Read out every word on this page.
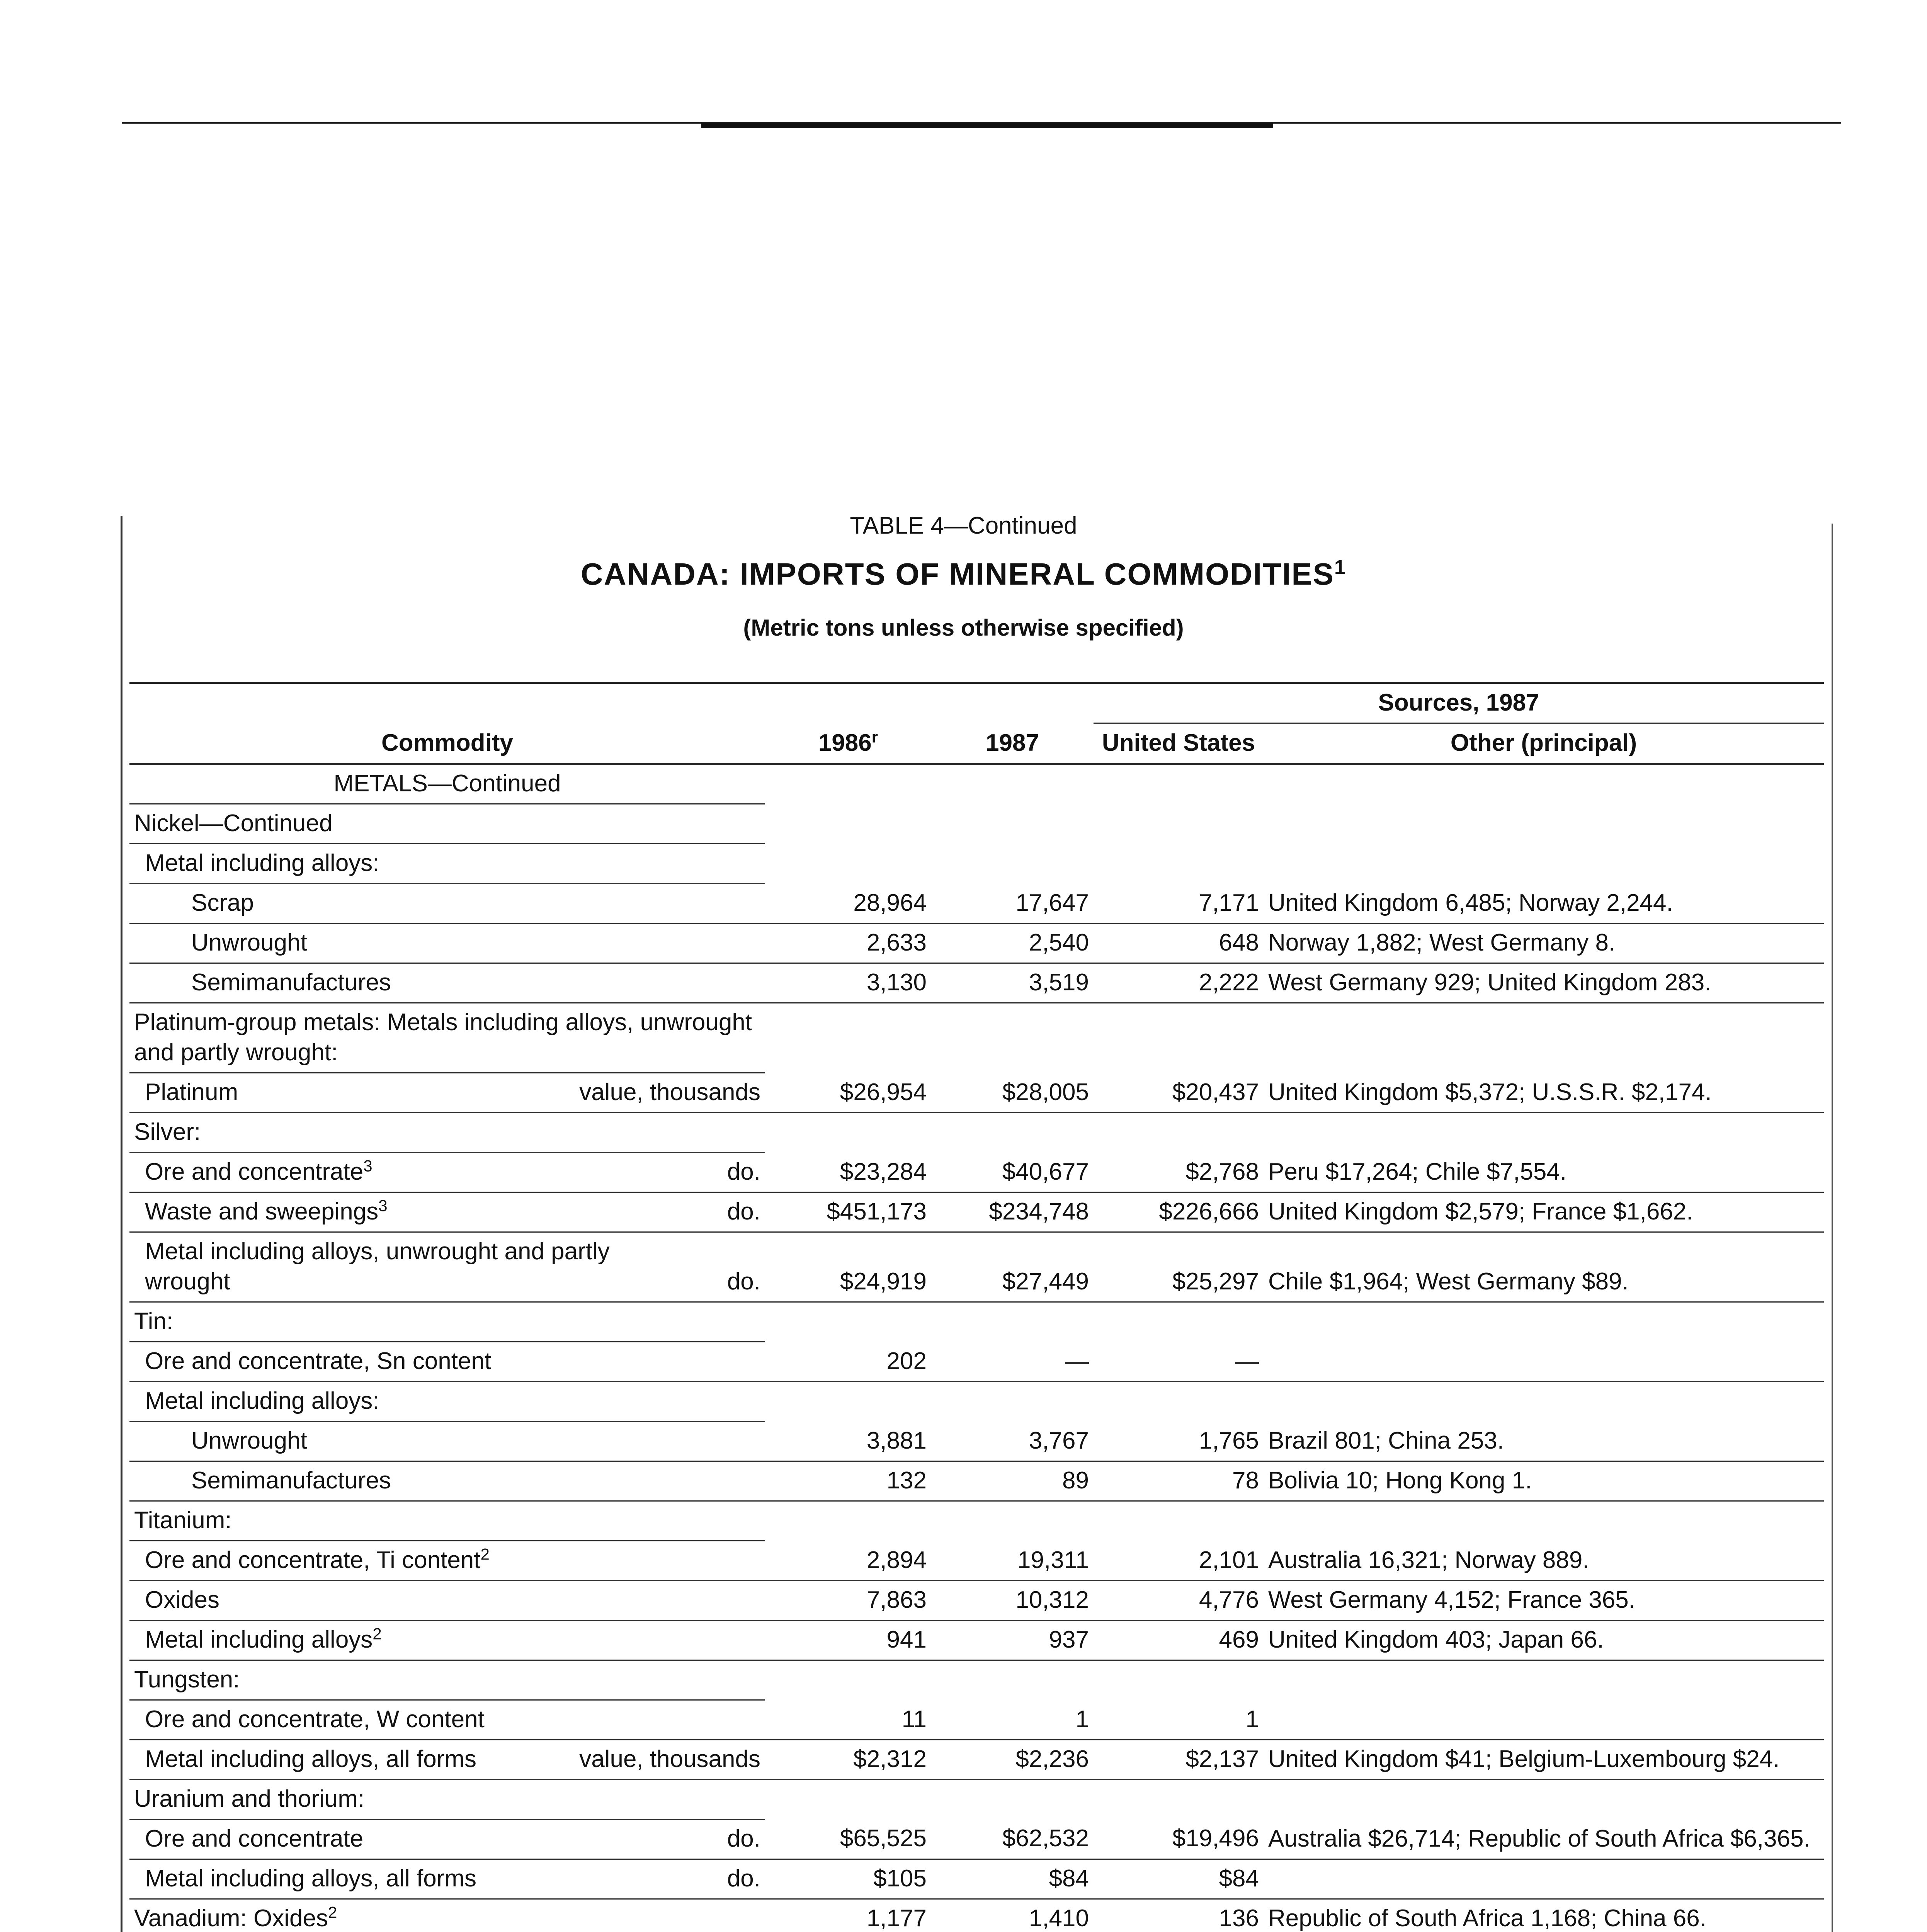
TABLE 4—Continued
CANADA: IMPORTS OF MINERAL COMMODITIES$^1$
(Metric tons unless otherwise specified)
Commodity	1986$^r$	1987	Sources, 1987	
			United States	Other (principal)
METALS—Continued				
Nickel—Continued				
Metal including alloys:				
Scrap	28,964	17,647	7,171	United Kingdom 6,485; Norway 2,244.
Unwrought	2,633	2,540	648	Norway 1,882; West Germany 8.
Semimanufactures	3,130	3,519	2,222	West Germany 929; United Kingdom 283.
Platinum-group metals: Metals including alloys, unwrought and partly wrought:				

Platinum value, thousands	$26,954	$28,005	$20,437	United Kingdom $5,372; U.S.S.R. $2,174.
Silver:				

Ore and concentrate$^3$ do.	$23,284	$40,677	$2,768	Peru $17,264; Chile $7,554.

Waste and sweepings$^3$ do.	$451,173	$234,748	$226,666	United Kingdom $2,579; France $1,662.

Metal including alloys, unwrought and partly wrought do.	$24,919	$27,449	$25,297	Chile $1,964; West Germany $89.
Tin:				
Ore and concentrate, Sn content	202	—	—	
Metal including alloys:				
Unwrought	3,881	3,767	1,765	Brazil 801; China 253.
Semimanufactures	132	89	78	Bolivia 10; Hong Kong 1.
Titanium:				
Ore and concentrate, Ti content$^2$	2,894	19,311	2,101	Australia 16,321; Norway 889.
Oxides	7,863	10,312	4,776	West Germany 4,152; France 365.
Metal including alloys$^2$	941	937	469	United Kingdom 403; Japan 66.
Tungsten:				
Ore and concentrate, W content	11	1	1	

Metal including alloys, all forms value, thousands	$2,312	$2,236	$2,137	United Kingdom $41; Belgium-Luxembourg $24.
Uranium and thorium:				

Ore and concentrate do.	$65,525	$62,532	$19,496	Australia $26,714; Republic of South Africa $6,365.

Metal including alloys, all forms do.	$105	$84	$84	
Vanadium: Oxides$^2$	1,177	1,410	136	Republic of South Africa 1,168; China 66.
